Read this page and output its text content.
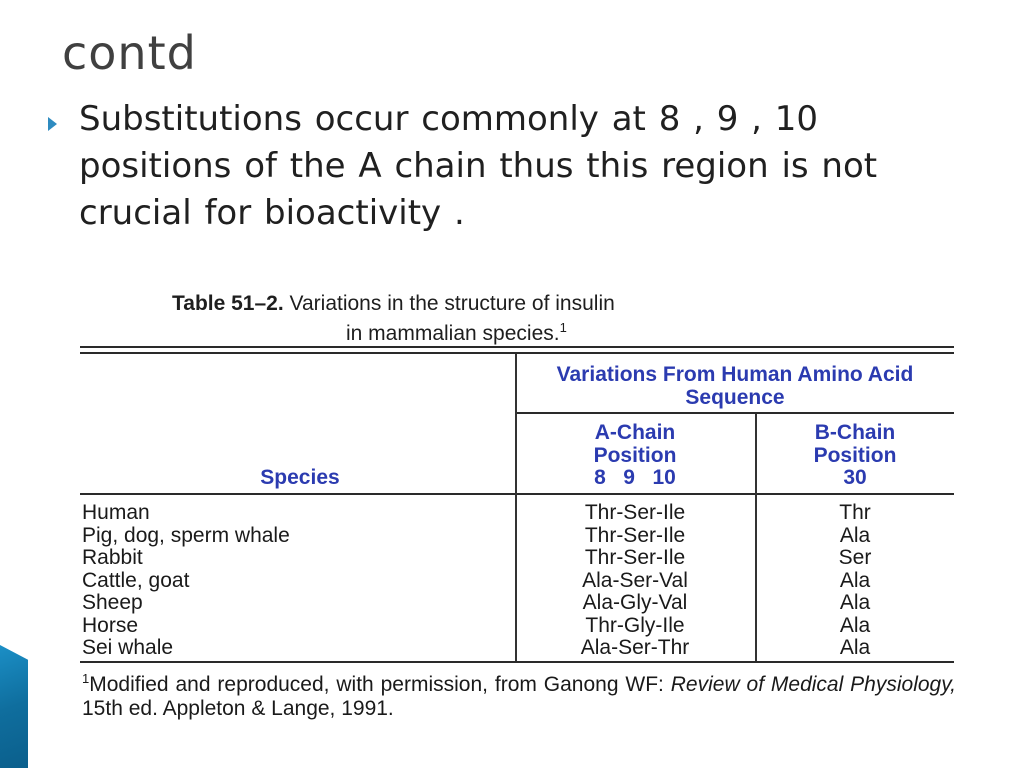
contd
Substitutions occur commonly at 8 , 9 , 10 positions of the A chain thus this region is not crucial for bioactivity .
Table 51–2. Variations in the structure of insulin
in mammalian species.$^1$
Variations From Human Amino Acid Sequence
Species
A-Chain Position
8   9   10
B-Chain Position
30
Human
Pig, dog, sperm whale
Rabbit
Cattle, goat
Sheep
Horse
Sei whale
Thr-Ser-Ile
Thr-Ser-Ile
Thr-Ser-Ile
Ala-Ser-Val
Ala-Gly-Val
Thr-Gly-Ile
Ala-Ser-Thr
Thr
Ala
Ser
Ala
Ala
Ala
Ala
$^1$Modified and reproduced, with permission, from Ganong WF: Review of Medical Physiology, 15th ed. Appleton & Lange, 1991.
